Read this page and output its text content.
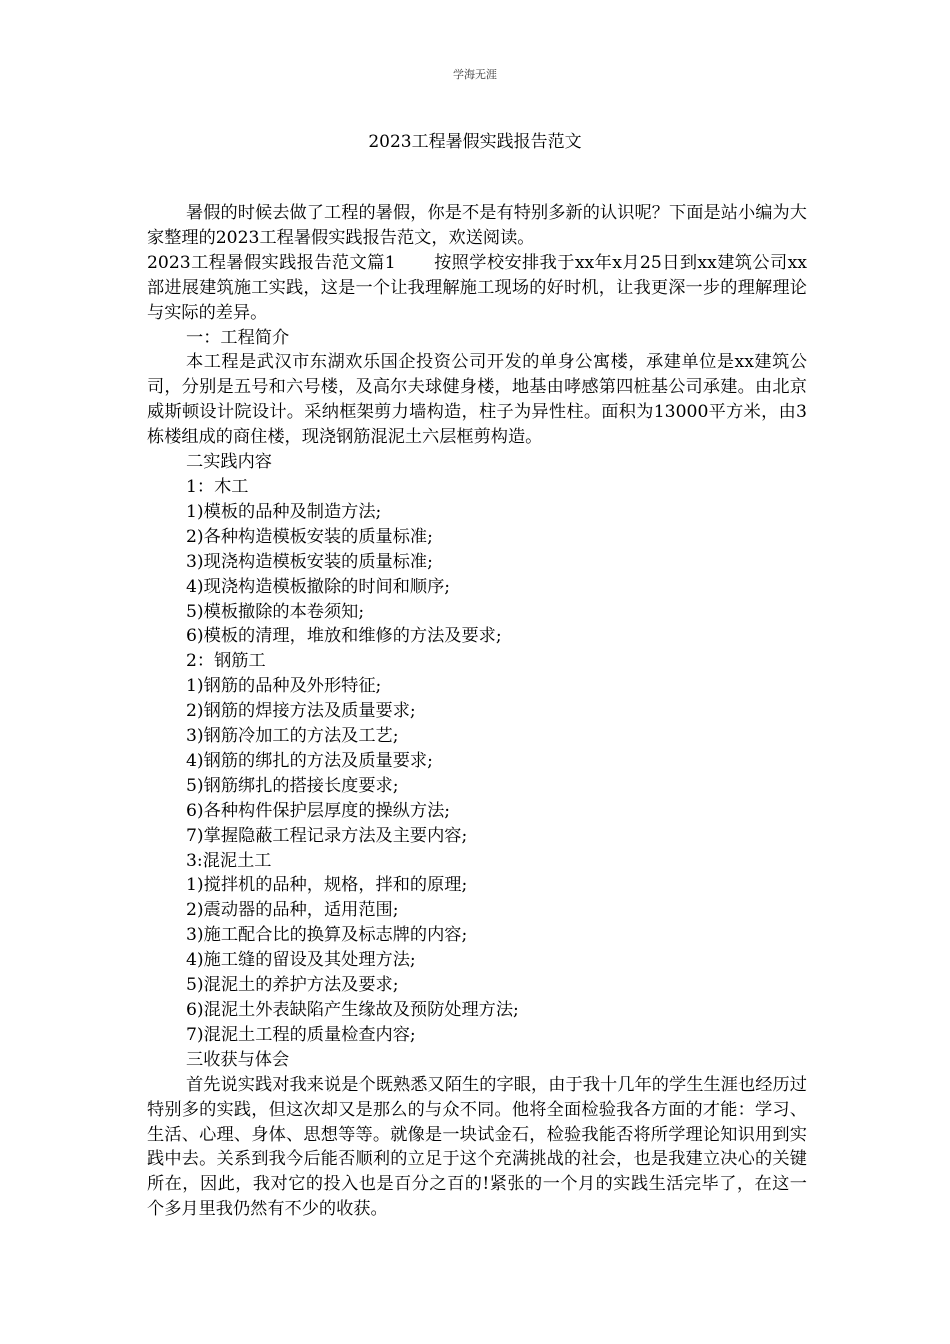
学海无涯
2023工程暑假实践报告范文

暑假的时候去做了工程的暑假，你是不是有特别多新的认识呢？下面是站小编为大家整理的2023工程暑假实践报告范文，欢送阅读。

2023工程暑假实践报告范文篇1 按照学校安排我于xx年x月25日到xx建筑公司xx部进展建筑施工实践，这是一个让我理解施工现场的好时机，让我更深一步的理解理论与实际的差异。

一：工程简介

本工程是武汉市东湖欢乐国企投资公司开发的单身公寓楼，承建单位是xx建筑公司，分别是五号和六号楼，及高尔夫球健身楼，地基由哮感第四桩基公司承建。由北京威斯顿设计院设计。采纳框架剪力墙构造，柱子为异性柱。面积为13000平方米，由3栋楼组成的商住楼，现浇钢筋混泥土六层框剪构造。

二实践内容

1：木工

1)模板的品种及制造方法;

2)各种构造模板安装的质量标准;

3)现浇构造模板安装的质量标准;

4)现浇构造模板撤除的时间和顺序;

5)模板撤除的本卷须知;

6)模板的清理，堆放和维修的方法及要求;

2：钢筋工

1)钢筋的品种及外形特征;

2)钢筋的焊接方法及质量要求;

3)钢筋冷加工的方法及工艺;

4)钢筋的绑扎的方法及质量要求;

5)钢筋绑扎的搭接长度要求;

6)各种构件保护层厚度的操纵方法;

7)掌握隐蔽工程记录方法及主要内容;

3:混泥土工

1)搅拌机的品种，规格，拌和的原理;

2)震动器的品种，适用范围;

3)施工配合比的换算及标志牌的内容;

4)施工缝的留设及其处理方法;

5)混泥土的养护方法及要求;

6)混泥土外表缺陷产生缘故及预防处理方法;

7)混泥土工程的质量检查内容;

三收获与体会

首先说实践对我来说是个既熟悉又陌生的字眼，由于我十几年的学生生涯也经历过特别多的实践，但这次却又是那么的与众不同。他将全面检验我各方面的才能：学习、生活、心理、身体、思想等等。就像是一块试金石，检验我能否将所学理论知识用到实践中去。关系到我今后能否顺利的立足于这个充满挑战的社会，也是我建立决心的关键所在，因此，我对它的投入也是百分之百的!紧张的一个月的实践生活完毕了，在这一个多月里我仍然有不少的收获。
